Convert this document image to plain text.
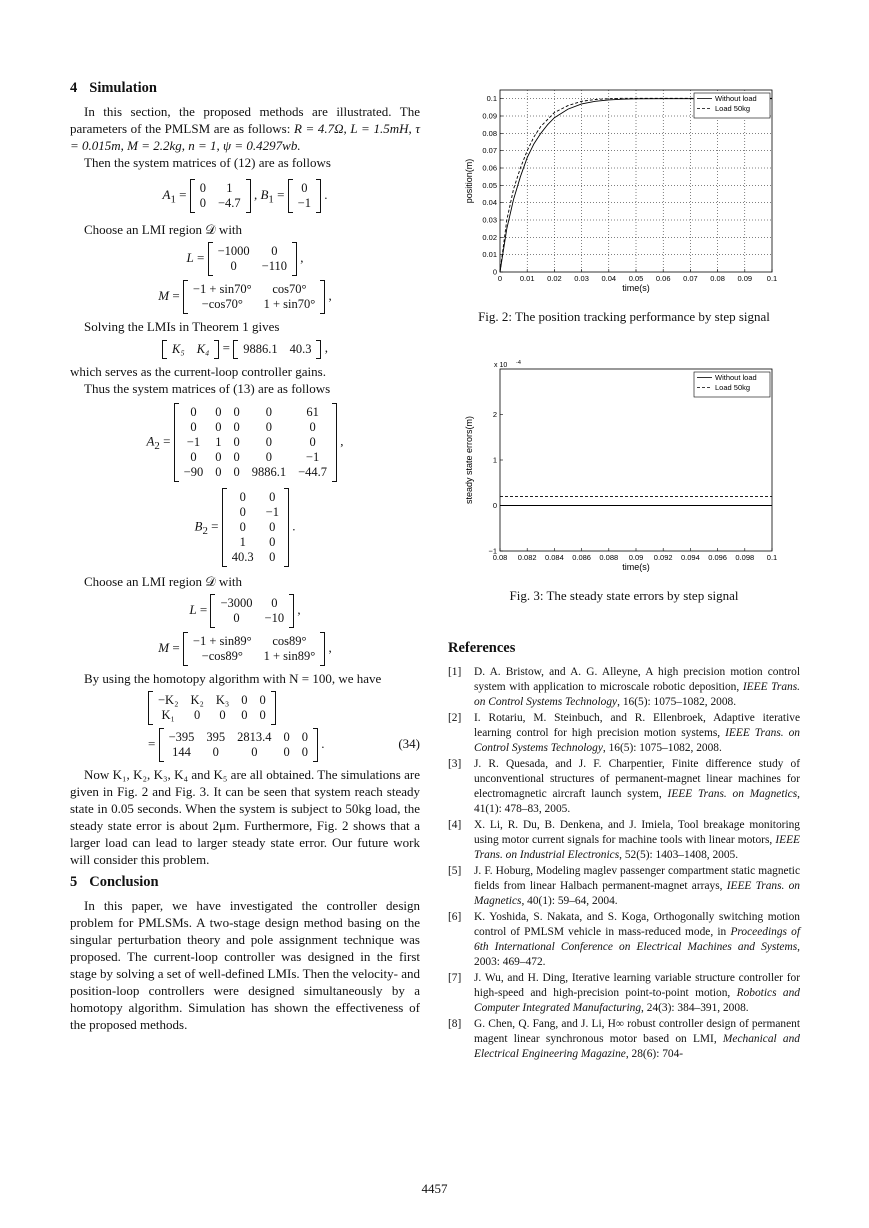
4 Simulation

In this section, the proposed methods are illustrated. The parameters of the PMLSM are as follows: R = 4.7Ω, L = 1.5mH, τ = 0.015m, M = 2.2kg, n = 1, ψ = 0.4297wb.

Then the system matrices of (12) are as follows

$A_1 = 0$	1
0	−4.7
, $B_1 = 0$
−1
.

Choose an LMI region 𝒟 with

L = −1000	0
0	−110
,
M = −1 + sin70°	cos70°
−cos70°	1 + sin70°
,

Solving the LMIs in Theorem 1 gives

K₅	K₄ = 9886.1	40.3 ,

which serves as the current-loop controller gains.

Thus the system matrices of (13) are as follows

$A_2$ =
0	0	0	0	61
0	0	0	0	0
−1	1	0	0	0
0	0	0	0	−1
−90	0	0	9886.1	−44.7
,
$B_2$ =
0	0
0	−1
0	0
1	0
40.3	0
.

Choose an LMI region 𝒟 with

L = −3000	0
0	−10
,
M = −1 + sin89°	cos89°
−cos89°	1 + sin89°
,

By using the homotopy algorithm with N = 100, we have

−K₂	K₂	K₃	0	0
K₁	0	0	0	0
= −395	395	2813.4	0	0
144	0	0	0	0
.	(34)

Now K₁, K₂, K₃, K₄ and K₅ are all obtained. The simulations are given in Fig. 2 and Fig. 3. It can be seen that system reach steady state in 0.05 seconds. When the system is subject to 50kg load, the steady state error is about 2μm. Furthermore, Fig. 2 shows that a larger load can lead to larger steady state error. Our future work will consider this problem.

5 Conclusion

In this paper, we have investigated the controller design problem for PMLSMs. A two-stage design method basing on the singular perturbation theory and pole assignment technique was proposed. The current-loop controller was designed in the first stage by solving a set of well-defined LMIs. Then the velocity- and position-loop controllers were designed simultaneously by a homotopy algorithm. Simulation has shown the effectiveness of the proposed methods.

0 0.01 0.02 0.03 0.04 0.05 0.06 0.07 0.08 0.09 0.1
0
0.01
0.02
0.03
0.04
0.05
0.06
0.07
0.08
0.09
0.1
time(s)
position(m)
Without load
Load 50kg
Fig. 2: The position tracking performance by step signal
0.08 0.082 0.084 0.086 0.088 0.09 0.092 0.094 0.096 0.098 0.1
−1
0
1
2
time(s)
steady state errors(m)
x 10 -4
Without load
Load 50kg
Fig. 3: The steady state errors by step signal
References
[1] D. A. Bristow, and A. G. Alleyne, A high precision motion control system with application to microscale robotic deposition, IEEE Trans. on Control Systems Technology, 16(5): 1075–1082, 2008.
[2] I. Rotariu, M. Steinbuch, and R. Ellenbroek, Adaptive iterative learning control for high precision motion systems, IEEE Trans. on Control Systems Technology, 16(5): 1075–1082, 2008.
[3] J. R. Quesada, and J. F. Charpentier, Finite difference study of unconventional structures of permanent-magnet linear machines for electromagnetic aircraft launch system, IEEE Trans. on Magnetics, 41(1): 478–83, 2005.
[4] X. Li, R. Du, B. Denkena, and J. Imiela, Tool breakage monitoring using motor current signals for machine tools with linear motors, IEEE Trans. on Industrial Electronics, 52(5): 1403–1408, 2005.
[5] J. F. Hoburg, Modeling maglev passenger compartment static magnetic fields from linear Halbach permanent-magnet arrays, IEEE Trans. on Magnetics, 40(1): 59–64, 2004.
[6] K. Yoshida, S. Nakata, and S. Koga, Orthogonally switching motion control of PMLSM vehicle in mass-reduced mode, in Proceedings of 6th International Conference on Electrical Machines and Systems, 2003: 469–472.
[7] J. Wu, and H. Ding, Iterative learning variable structure controller for high-speed and high-precision point-to-point motion, Robotics and Computer Integrated Manufacturing, 24(3): 384–391, 2008.
[8] G. Chen, Q. Fang, and J. Li, H∞ robust controller design of permanent magent linear synchronous motor based on LMI, Mechanical and Electrical Engineering Magazine, 28(6): 704-
4457
